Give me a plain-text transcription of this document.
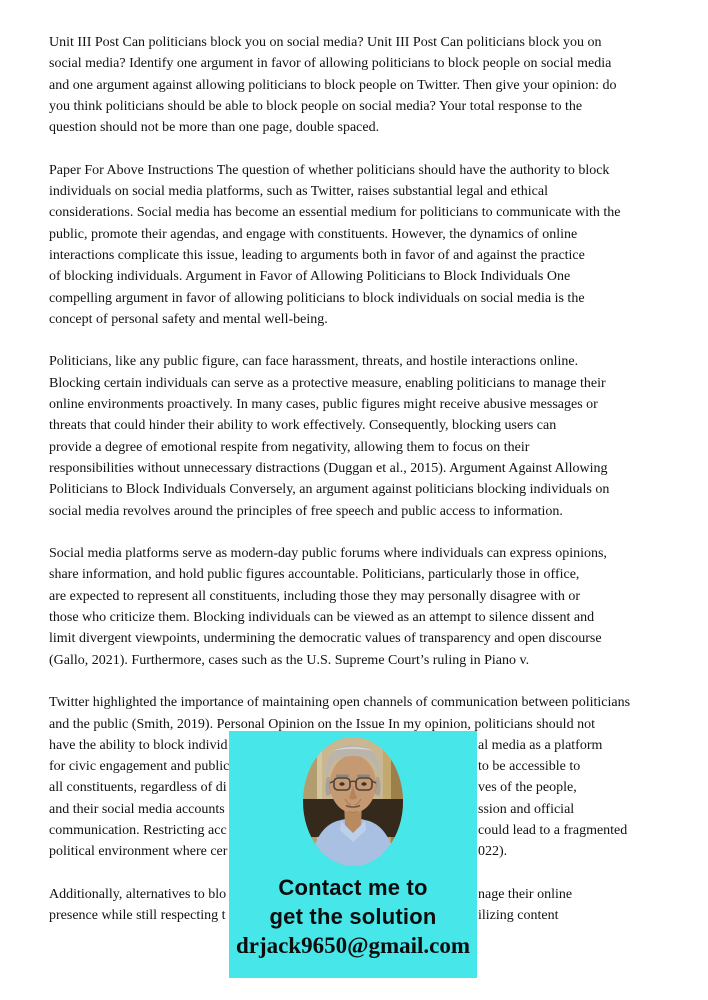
Unit III Post Can politicians block you on social media? Unit III Post Can politicians block you on
social media? Identify one argument in favor of allowing politicians to block people on social media
and one argument against allowing politicians to block people on Twitter. Then give your opinion: do
you think politicians should be able to block people on social media? Your total response to the
question should not be more than one page, double spaced.
Paper For Above Instructions The question of whether politicians should have the authority to block
individuals on social media platforms, such as Twitter, raises substantial legal and ethical
considerations. Social media has become an essential medium for politicians to communicate with the
public, promote their agendas, and engage with constituents. However, the dynamics of online
interactions complicate this issue, leading to arguments both in favor of and against the practice
of blocking individuals. Argument in Favor of Allowing Politicians to Block Individuals One
compelling argument in favor of allowing politicians to block individuals on social media is the
concept of personal safety and mental well-being.
Politicians, like any public figure, can face harassment, threats, and hostile interactions online.
Blocking certain individuals can serve as a protective measure, enabling politicians to manage their
online environments proactively. In many cases, public figures might receive abusive messages or
threats that could hinder their ability to work effectively. Consequently, blocking users can
provide a degree of emotional respite from negativity, allowing them to focus on their
responsibilities without unnecessary distractions (Duggan et al., 2015). Argument Against Allowing
Politicians to Block Individuals Conversely, an argument against politicians blocking individuals on
social media revolves around the principles of free speech and public access to information.
Social media platforms serve as modern-day public forums where individuals can express opinions,
share information, and hold public figures accountable. Politicians, particularly those in office,
are expected to represent all constituents, including those they may personally disagree with or
those who criticize them. Blocking individuals can be viewed as an attempt to silence dissent and
limit divergent viewpoints, undermining the democratic values of transparency and open discourse
(Gallo, 2021). Furthermore, cases such as the U.S. Supreme Court’s ruling in Piano v.
Twitter highlighted the importance of maintaining open channels of communication between politicians
and the public (Smith, 2019). Personal Opinion on the Issue In my opinion, politicians should not
have the ability to block individ	al media as a platform
for civic engagement and public	to be accessible to
all constituents, regardless of di	ves of the people,
and their social media accounts	ssion and official
communication. Restricting acc	could lead to a fragmented
political environment where cer	022).
Additionally, alternatives to blo	nage their online
presence while still respecting t	ilizing content
Contact me to
get the solution
drjack9650@gmail.com
